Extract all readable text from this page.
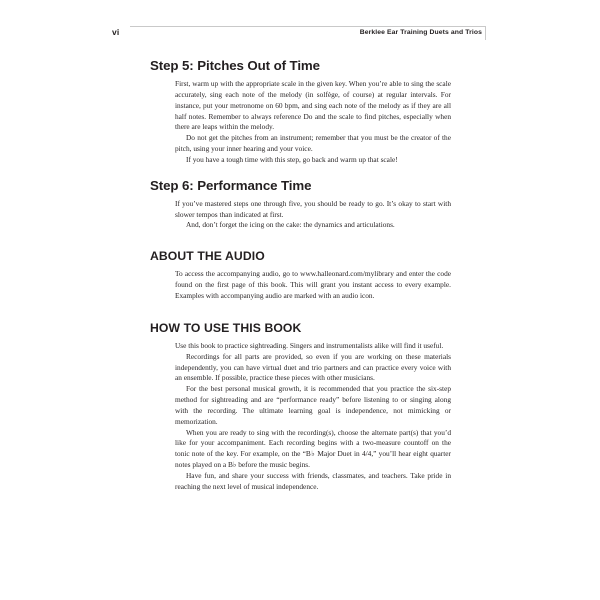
vi	Berklee Ear Training Duets and Trios
Step 5: Pitches Out of Time

First, warm up with the appropriate scale in the given key. When you’re able to sing the scale accurately, sing each note of the melody (in solfège, of course) at regular intervals. For instance, put your metronome on 60 bpm, and sing each note of the melody as if they are all half notes. Remember to always reference Do and the scale to find pitches, especially when there are leaps within the melody.

Do not get the pitches from an instrument; remember that you must be the creator of the pitch, using your inner hearing and your voice.

If you have a tough time with this step, go back and warm up that scale!

Step 6: Performance Time

If you’ve mastered steps one through five, you should be ready to go. It’s okay to start with slower tempos than indicated at first.

And, don’t forget the icing on the cake: the dynamics and articulations.

ABOUT THE AUDIO

To access the accompanying audio, go to www.halleonard.com/mylibrary and enter the code found on the first page of this book. This will grant you instant access to every example. Examples with accompanying audio are marked with an audio icon.

HOW TO USE THIS BOOK

Use this book to practice sightreading. Singers and instrumentalists alike will find it useful.

Recordings for all parts are provided, so even if you are working on these materials independently, you can have virtual duet and trio partners and can practice every voice with an ensemble. If possible, practice these pieces with other musicians.

For the best personal musical growth, it is recommended that you practice the six-step method for sightreading and are “performance ready” before listening to or singing along with the recording. The ultimate learning goal is independence, not mimicking or memorization.

When you are ready to sing with the recording(s), choose the alternate part(s) that you’d like for your accompaniment. Each recording begins with a two-measure countoff on the tonic note of the key. For example, on the “B♭ Major Duet in 4/4,” you’ll hear eight quarter notes played on a B♭ before the music begins.

Have fun, and share your success with friends, classmates, and teachers. Take pride in reaching the next level of musical independence.
